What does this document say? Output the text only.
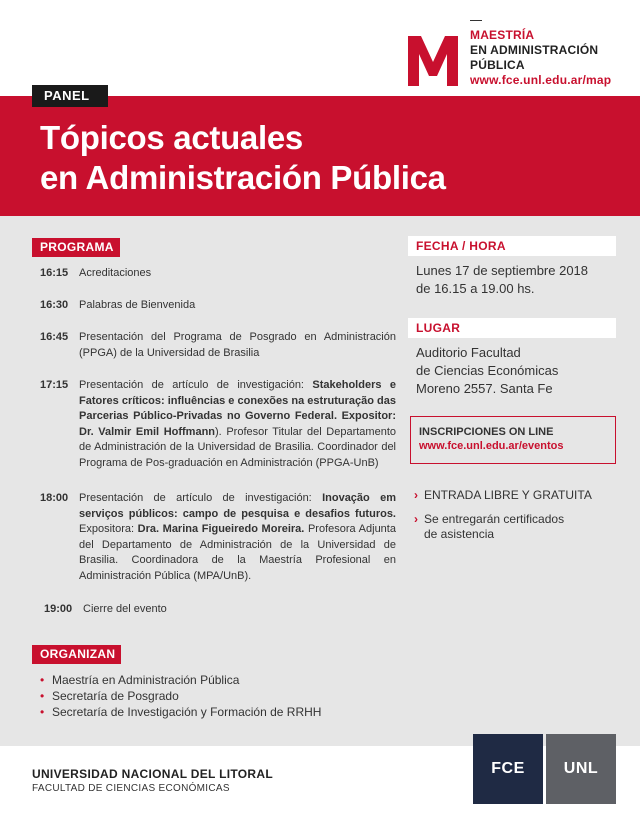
MAESTRÍA
EN ADMINISTRACIÓN
PÚBLICA
www.fce.unl.edu.ar/map
PANEL
Tópicos actuales
en Administración Pública
PROGRAMA
16:15 Acreditaciones
16:30 Palabras de Bienvenida
16:45 Presentación del Programa de Posgrado en Administración (PPGA) de la Universidad de Brasilia
17:15 Presentación de artículo de investigación: Stakeholders e Fatores críticos: influências e conexões na estruturação das Parcerias Público-Privadas no Governo Federal. Expositor: Dr. Valmir Emil Hoffmann). Profesor Titular del Departamento de Administración de la Universidad de Brasilia. Coordinador del Programa de Pos-graduación en Administración (PPGA-UnB)
18:00 Presentación de artículo de investigación: Inovação em serviços públicos: campo de pesquisa e desafios futuros. Expositora: Dra. Marina Figueiredo Moreira. Profesora Adjunta del Departamento de Administración de la Universidad de Brasilia. Coordinadora de la Maestría Profesional en Administración Pública (MPA/UnB).
19:00 Cierre del evento
ORGANIZAN
• Maestría en Administración Pública
• Secretaría de Posgrado
• Secretaría de Investigación y Formación de RRHH
FECHA / HORA
Lunes 17 de septiembre 2018
de 16.15 a 19.00 hs.
LUGAR
Auditorio Facultad
de Ciencias Económicas
Moreno 2557. Santa Fe
INSCRIPCIONES ON LINE
www.fce.unl.edu.ar/eventos
› ENTRADA LIBRE Y GRATUITA
› Se entregarán certificados
de asistencia
UNIVERSIDAD NACIONAL DEL LITORAL
FACULTAD DE CIENCIAS ECONÓMICAS
FCE	UNL
